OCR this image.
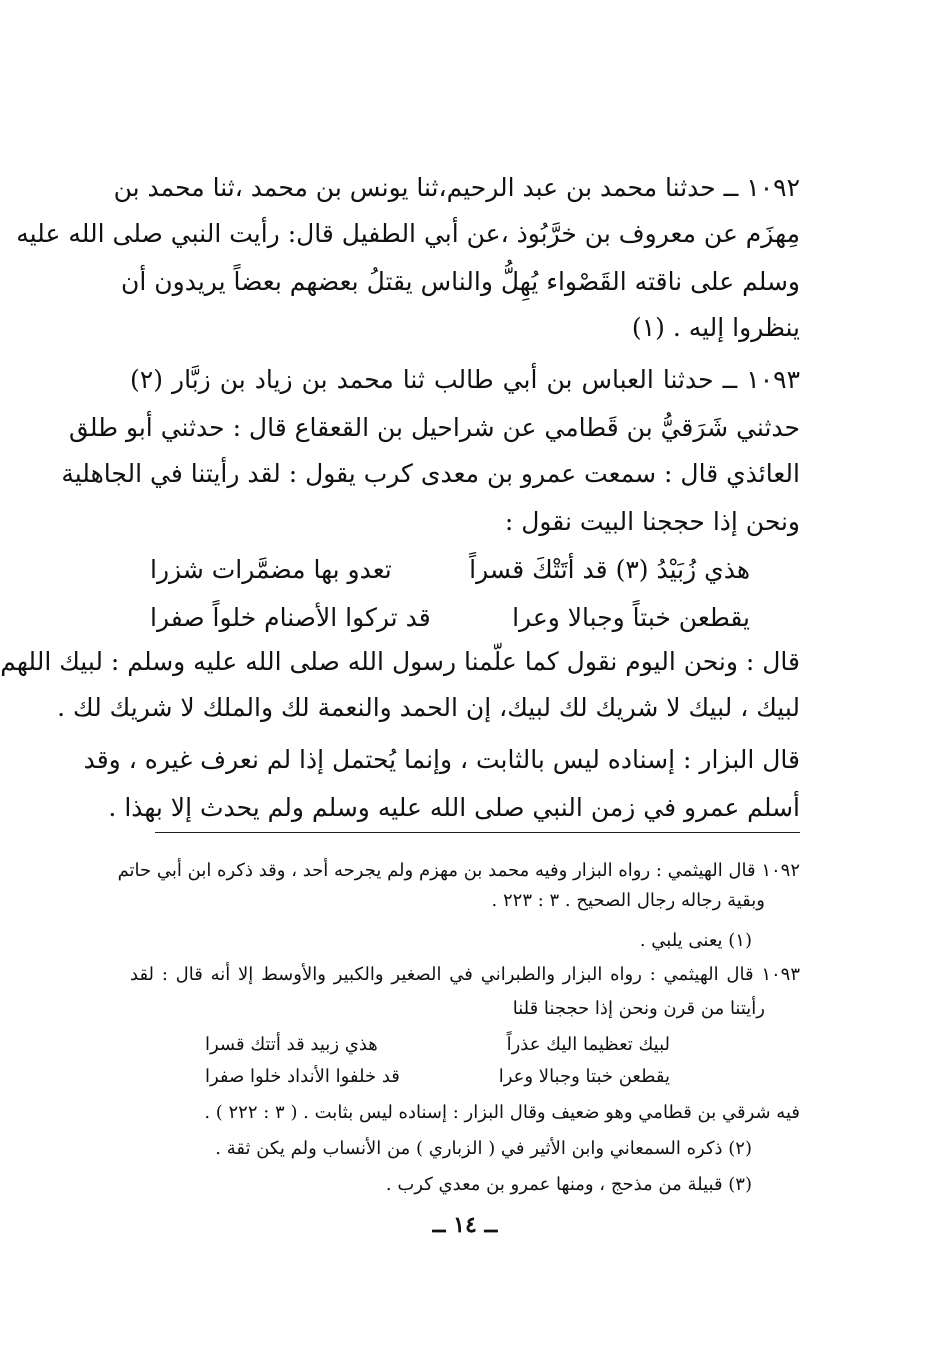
١٠٩٢ ــ حدثنا محمد بن عبد الرحيم،ثنا يونس بن محمد ،ثنا محمد بن
مِهزَم عن معروف بن خرَّبُوذ ،عن أبي الطفيل قال: رأيت النبي صلى الله عليه
وسلم على ناقته القَصْواء يُهِلُّ والناس يقتلُ بعضهم بعضاً يريدون أن
ينظروا إليه . (١)
١٠٩٣ ــ حدثنا العباس بن أبي طالب ثنا محمد بن زياد بن زبَّار (٢)
حدثني شَرَقيُّ بن قَطامي عن شراحيل بن القعقاع قال : حدثني أبو طلق
العائذي قال : سمعت عمرو بن معدى كرب يقول : لقد رأيتنا في الجاهلية
ونحن إذا حججنا البيت نقول :
هذي زُبَيْدُ (٣) قد أتَتْكَ قسراً
تعدو بها مضمَّرات شزرا
يقطعن خبتاً وجبالا وعرا
قد تركوا الأصنام خلواً صفرا
قال : ونحن اليوم نقول كما علّمنا رسول الله صلى الله عليه وسلم : لبيك اللهم
لبيك ، لبيك لا شريك لك لبيك، إن الحمد والنعمة لك والملك لا شريك لك .
قال البزار : إسناده ليس بالثابت ، وإنما يُحتمل إذا لم نعرف غيره ، وقد
أسلم عمرو في زمن النبي صلى الله عليه وسلم ولم يحدث إلا بهذا .
١٠٩٢ قال الهيثمي : رواه البزار وفيه محمد بن مهزم ولم يجرحه أحد ، وقد ذكره ابن أبي حاتم
وبقية رجاله رجال الصحيح . ٣ : ٢٢٣ .
(١) يعنى يلبي .
١٠٩٣ قال الهيثمي : رواه البزار والطبراني في الصغير والكبير والأوسط إلا أنه قال : لقد
رأيتنا من قرن ونحن إذا حججنا قلنا
لبيك تعظيما اليك عذراً
هذي زبيد قد أتتك قسرا
يقطعن خبتا وجبالا وعرا
قد خلفوا الأنداد خلوا صفرا
فيه شرقي بن قطامي وهو ضعيف وقال البزار : إسناده ليس بثابت . ( ٣ : ٢٢٢ ) .
(٢) ذكره السمعاني وابن الأثير في ( الزباري ) من الأنساب ولم يكن ثقة .
(٣) قبيلة من مذحج ، ومنها عمرو بن معدي كرب .
ــ ١٤ ــ
